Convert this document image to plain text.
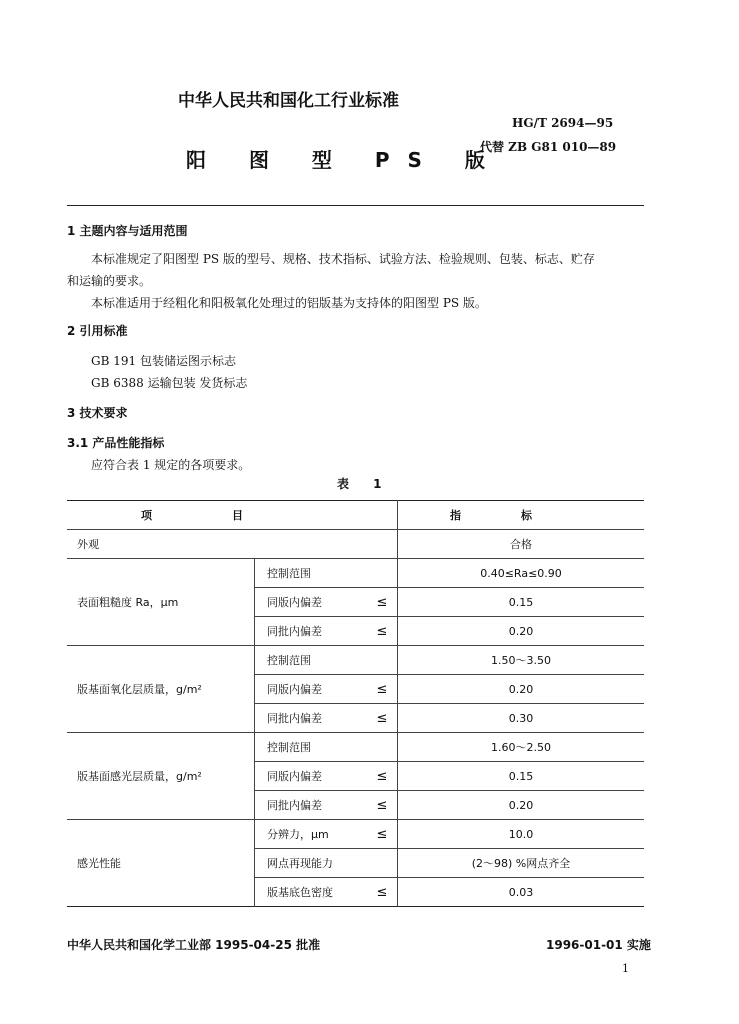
中华人民共和国化工行业标准
HG/T 2694—95
代替 ZB G81 010—89
阳 图 型 PS 版
1 主题内容与适用范围
本标准规定了阳图型 PS 版的型号、规格、技术指标、试验方法、检验规则、包装、标志、贮存
和运输的要求。
本标准适用于经粗化和阳极氧化处理过的铝版基为支持体的阳图型 PS 版。
2 引用标准
GB 191 包装储运图示标志
GB 6388 运输包装 发货标志
3 技术要求
3.1 产品性能指标
应符合表 1 规定的各项要求。
表 1
项目			指标
外观			合格
表面粗糙度 Ra，μm	控制范围		0.40≤Ra≤0.90
	同版内偏差	≤	0.15
	同批内偏差	≤	0.20
版基面氧化层质量，g/m²	控制范围		1.50～3.50
	同版内偏差	≤	0.20
	同批内偏差	≤	0.30
版基面感光层质量，g/m²	控制范围		1.60～2.50
	同版内偏差	≤	0.15
	同批内偏差	≤	0.20
感光性能	分辨力，μm	≤	10.0
	网点再现能力		(2～98) %网点齐全
	版基底色密度	≤	0.03
中华人民共和国化学工业部 1995-04-25 批准	1996-01-01 实施
1
